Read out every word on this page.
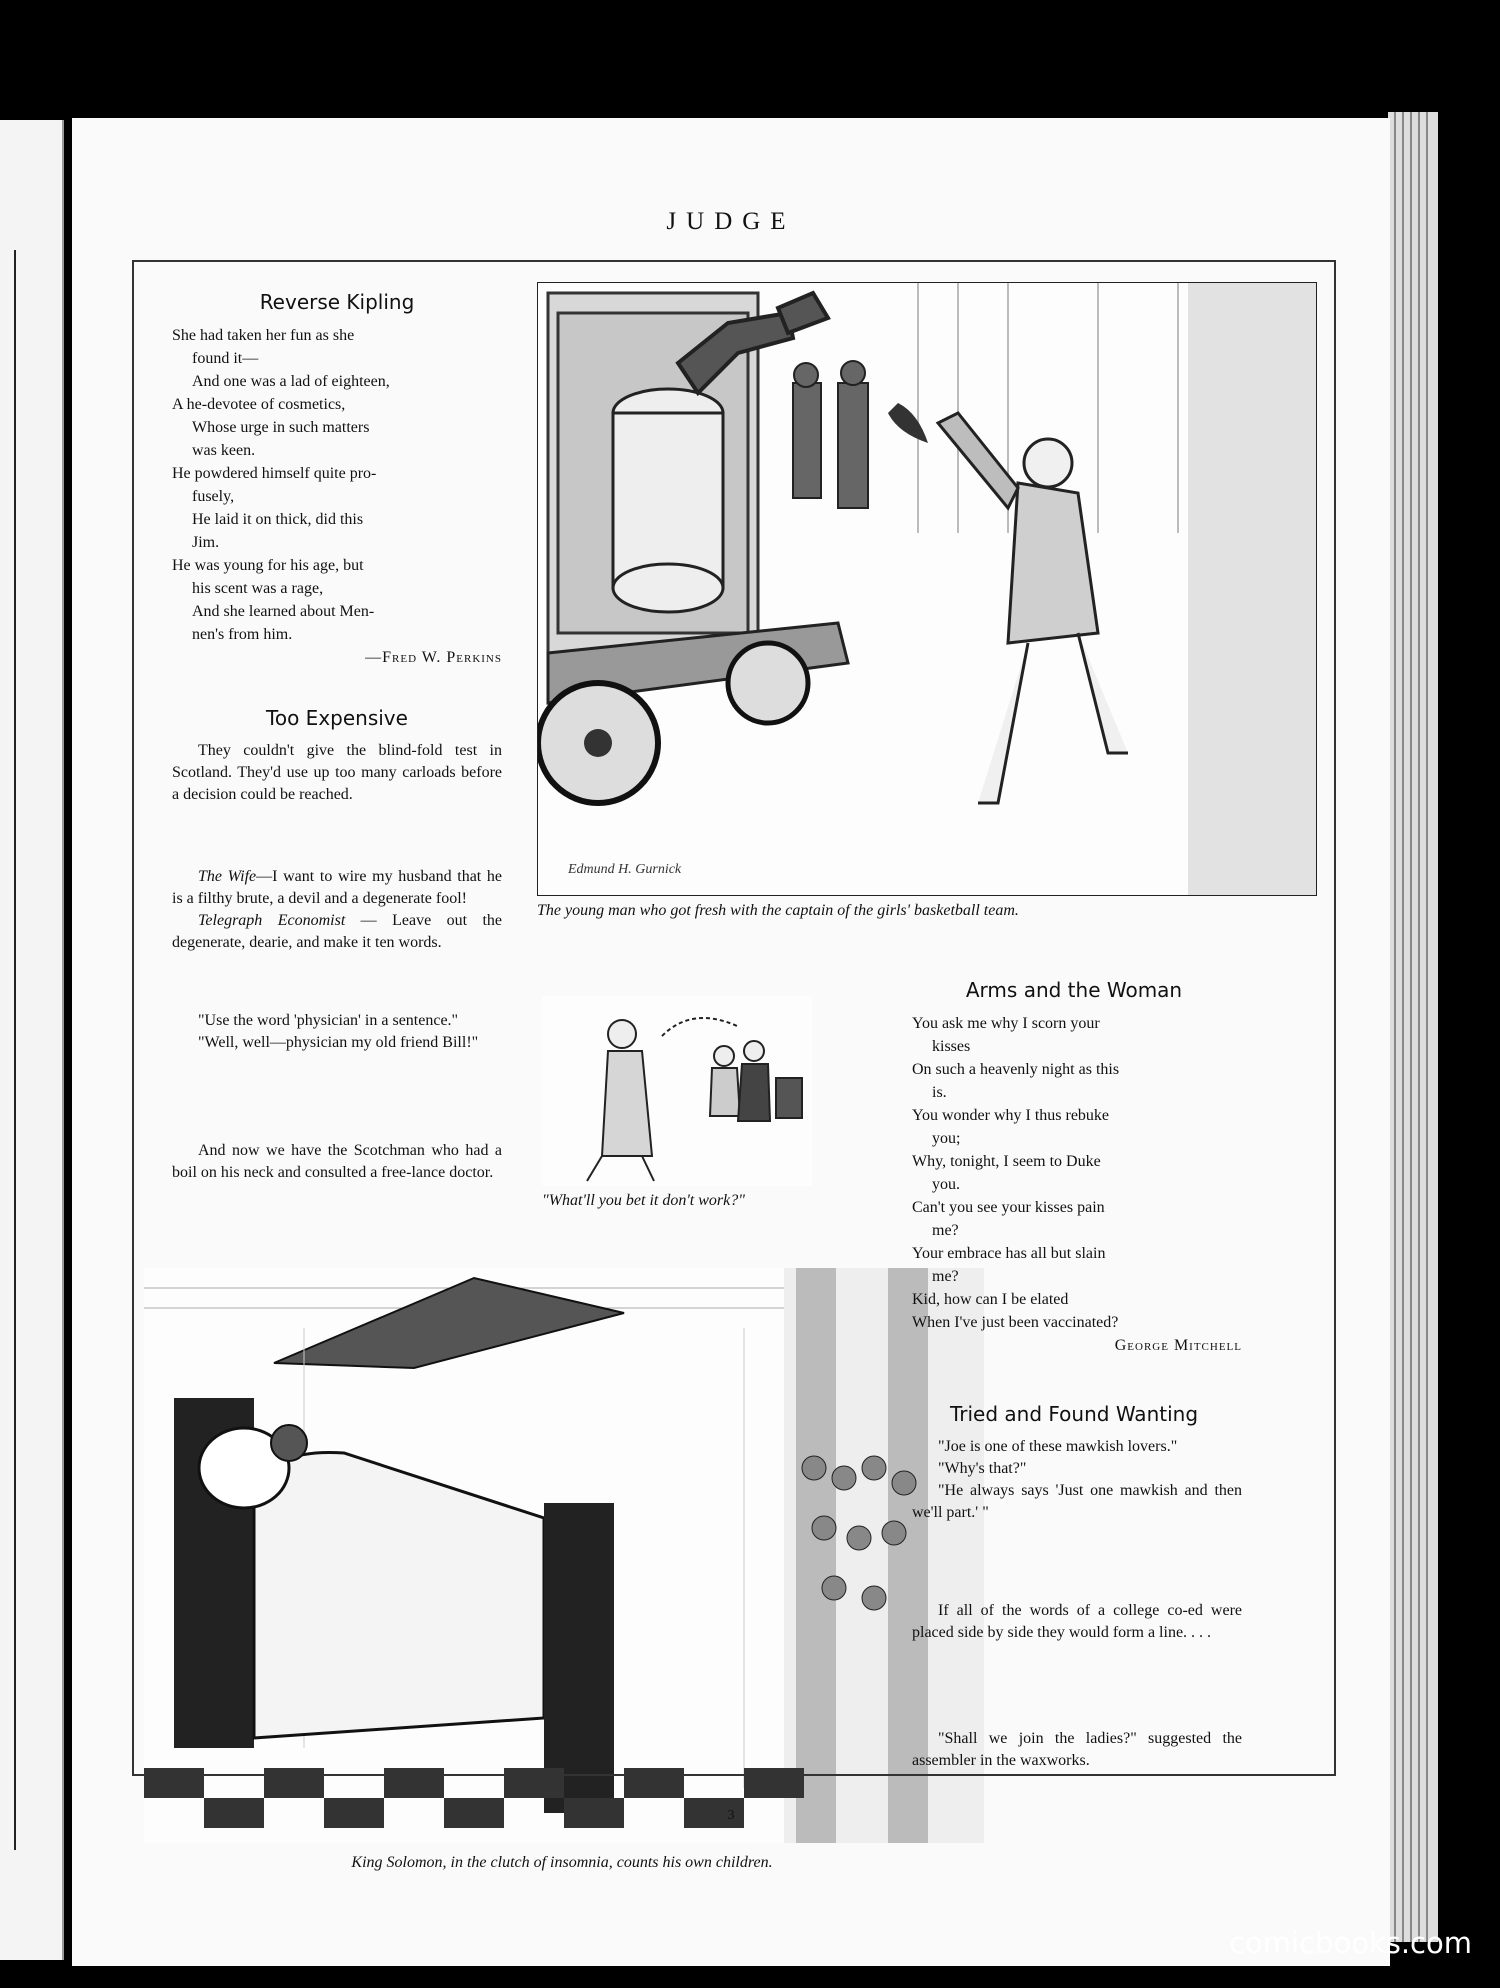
JUDGE
Edmund H. Gurnick
Reverse Kipling
She had taken her fun as she
found it—
And one was a lad of eighteen,
A he-devotee of cosmetics,
Whose urge in such matters
was keen.
He powdered himself quite pro-
fusely,
He laid it on thick, did this
Jim.
He was young for his age, but
his scent was a rage,
And she learned about Men-
nen's from him.
—Fred W. Perkins
Too Expensive

They couldn't give the blind-fold test in Scotland. They'd use up too many carloads before a decision could be reached.

The Wife—I want to wire my husband that he is a filthy brute, a devil and a degenerate fool!

Telegraph Economist — Leave out the degenerate, dearie, and make it ten words.

"Use the word 'physician' in a sentence."

"Well, well—physician my old friend Bill!"

And now we have the Scotchman who had a boil on his neck and consulted a free-lance doctor.

The young man who got fresh with the captain of the girls' basketball team.
"What'll you bet it don't work?"
King Solomon, in the clutch of insomnia, counts his own children.
Arms and the Woman
You ask me why I scorn your
kisses
On such a heavenly night as this
is.
You wonder why I thus rebuke
you;
Why, tonight, I seem to Duke
you.
Can't you see your kisses pain
me?
Your embrace has all but slain
me?
Kid, how can I be elated
When I've just been vaccinated?
George Mitchell
Tried and Found Wanting

"Joe is one of these mawkish lovers."

"Why's that?"

"He always says 'Just one mawkish and then we'll part.' "

If all of the words of a college co-ed were placed side by side they would form a line. . . .

"Shall we join the ladies?" suggested the assembler in the waxworks.

3
comicbooks.com
